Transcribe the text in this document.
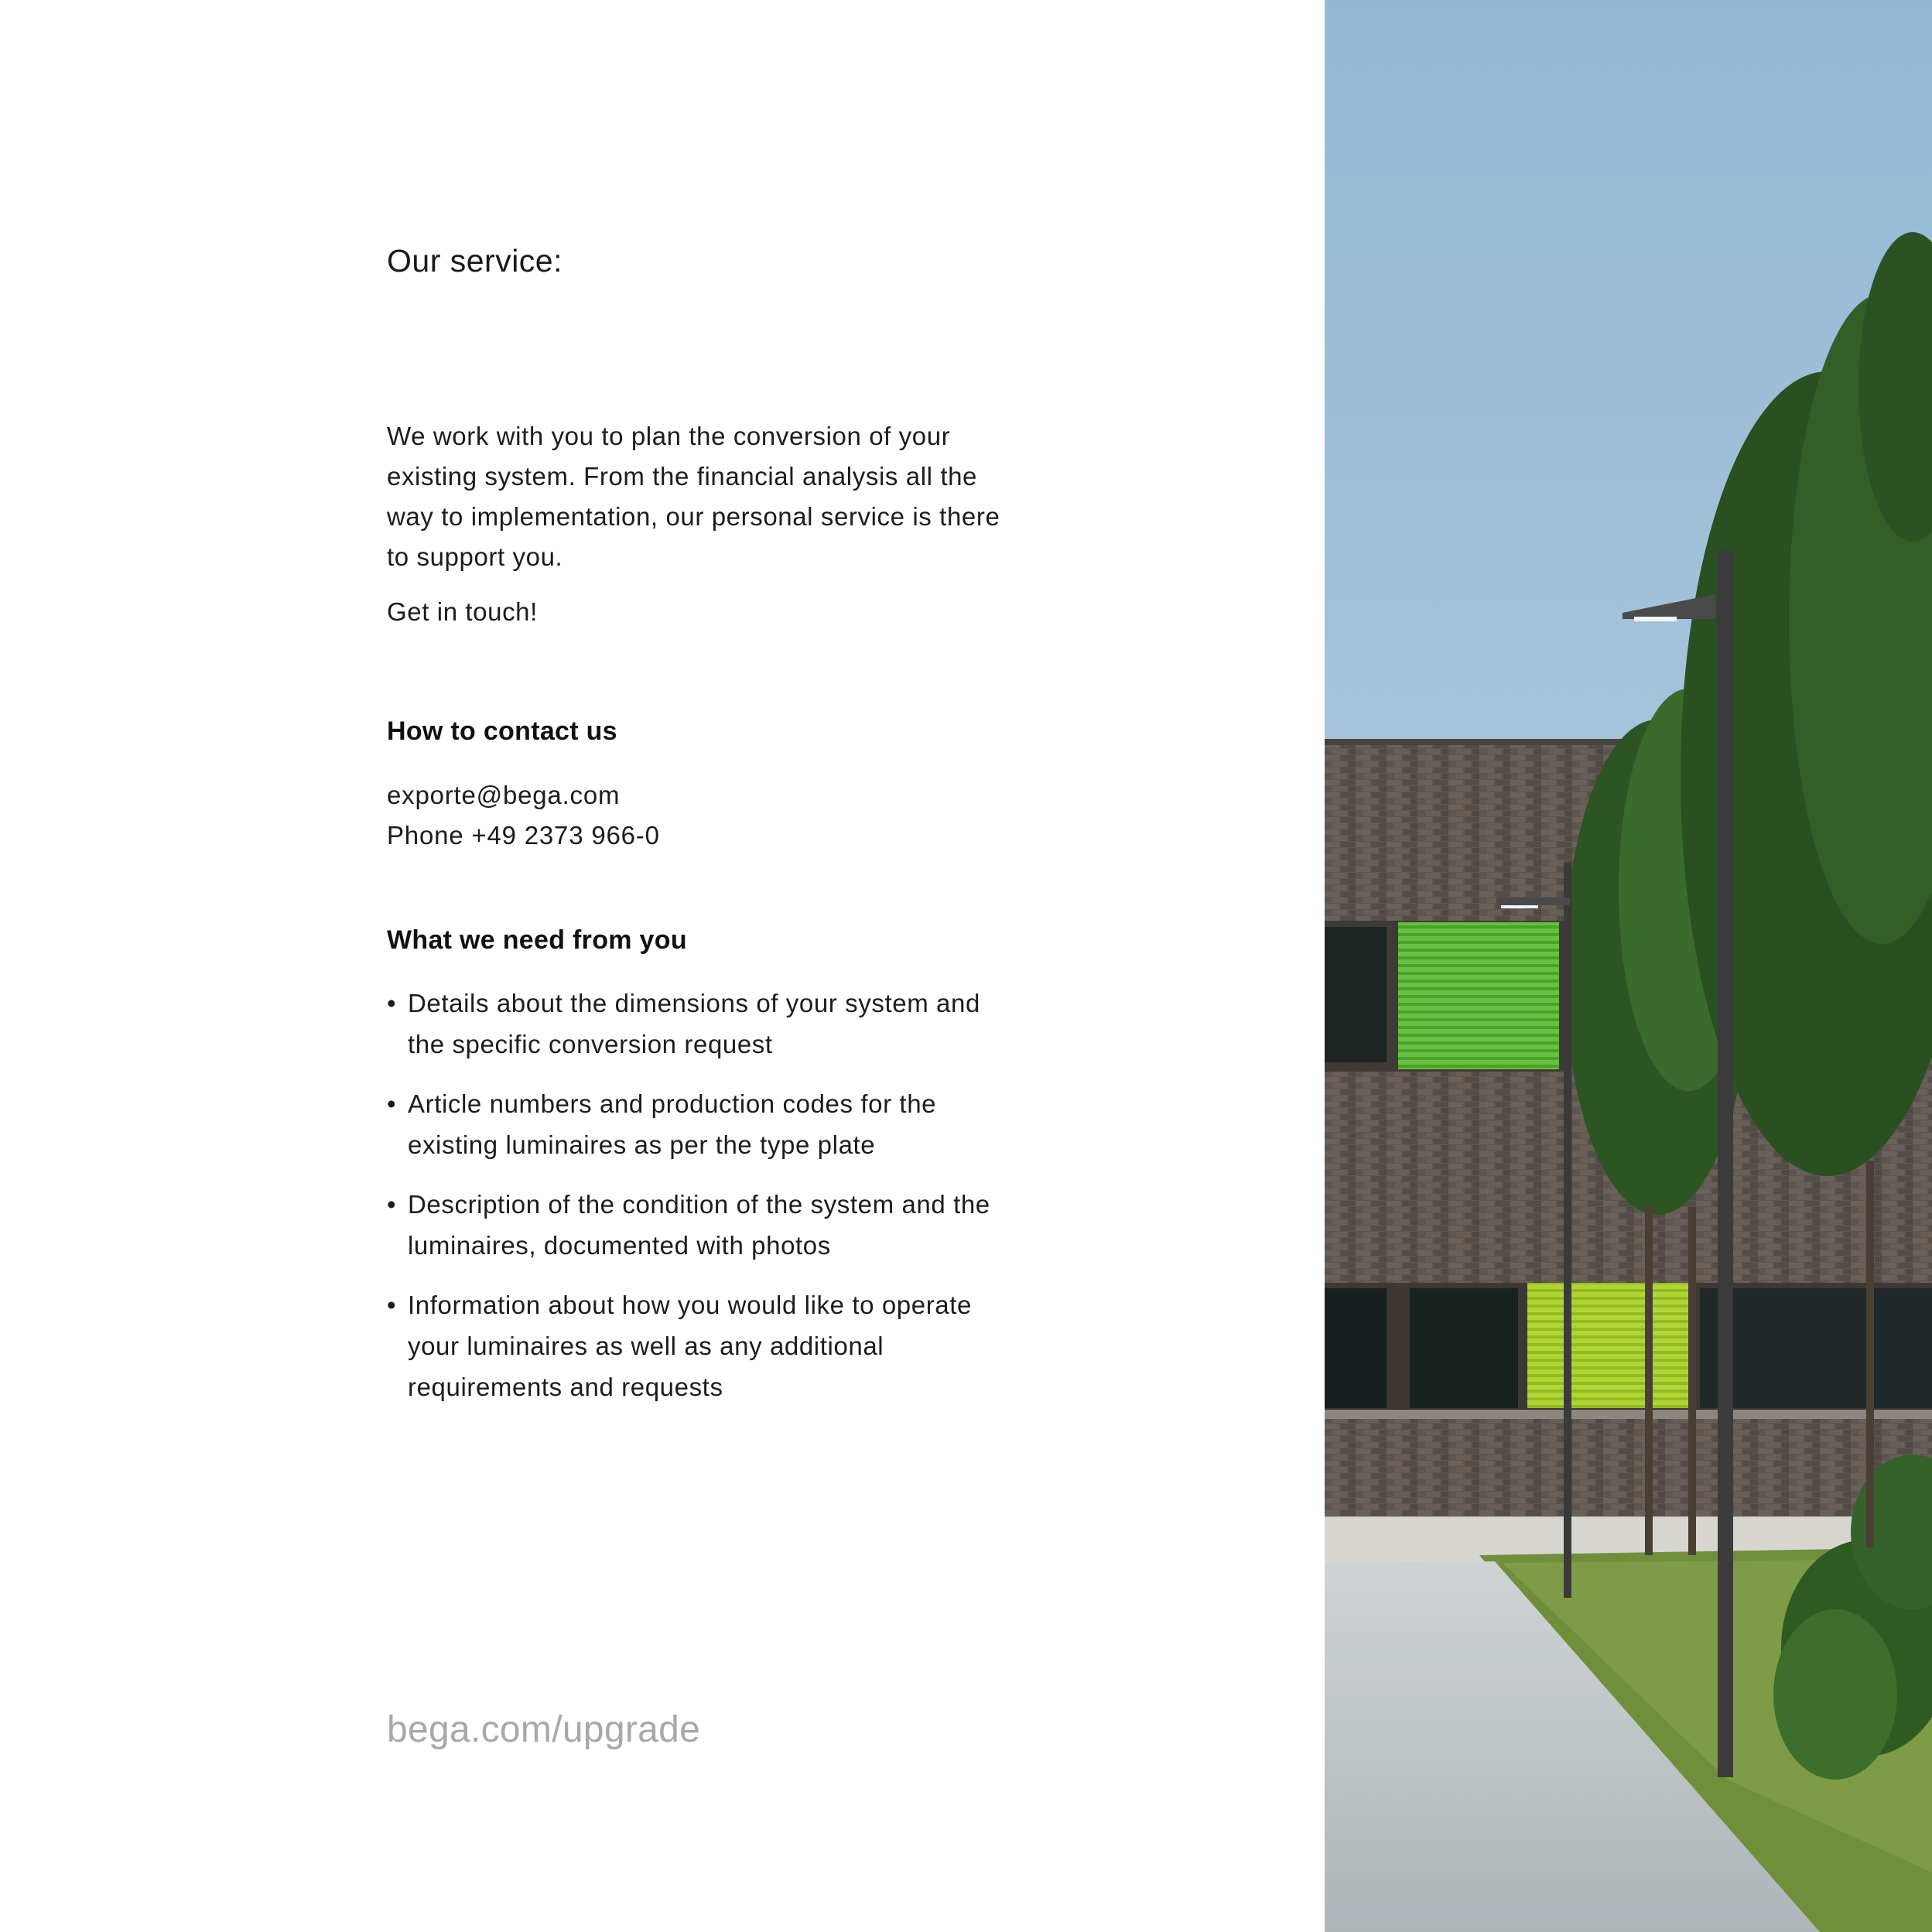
Our service:

We work with you to plan the conversion of your existing system. From the financial analysis all the way to implementation, our personal service is there to support you.

Get in touch!
How to contact us
exporte@bega.com
Phone +49 2373 966-0
What we need from you
• Details about the dimensions of your system and the specific conversion request
• Article numbers and production codes for the existing luminaires as per the type plate
• Description of the condition of the system and the luminaires, documented with photos
• Information about how you would like to operate your luminaires as well as any additional requirements and requests
bega.com/upgrade
